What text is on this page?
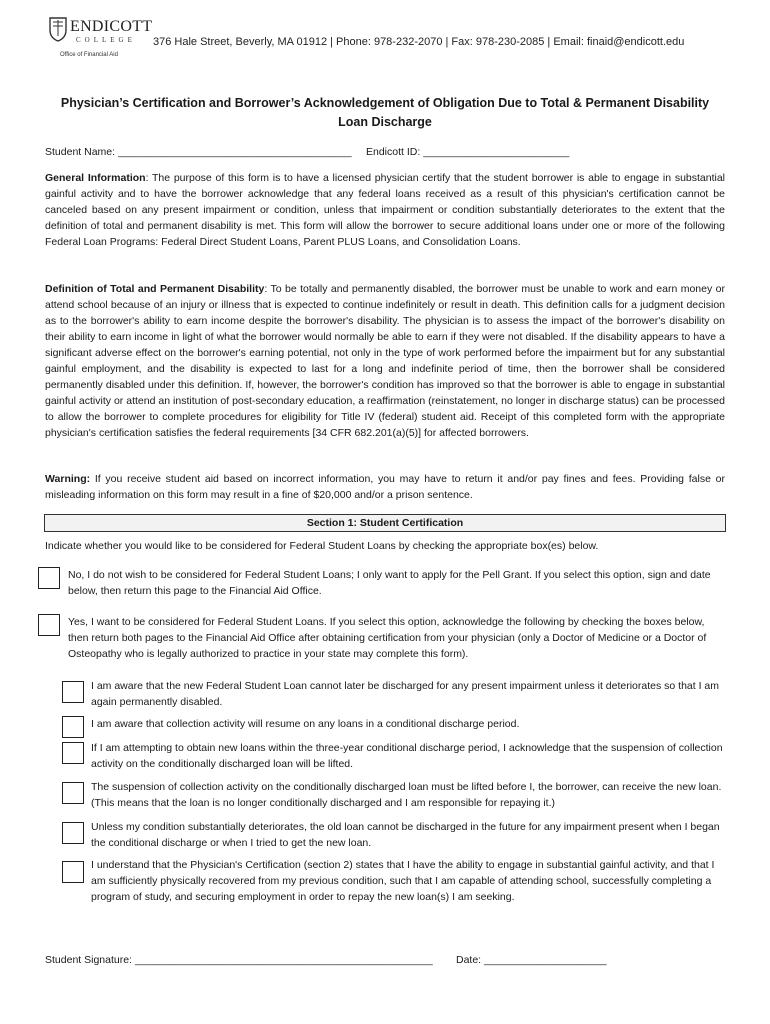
ENDICOTT
COLLEGE
Office of Financial Aid
376 Hale Street, Beverly, MA 01912 | Phone: 978-232-2070 | Fax: 978-230-2085 | Email: finaid@endicott.edu
Physician’s Certification and Borrower’s Acknowledgement of Obligation Due to Total & Permanent Disability Loan Discharge
Student Name: ________________________________________ Endicott ID: _________________________
General Information: The purpose of this form is to have a licensed physician certify that the student borrower is able to engage in substantial gainful activity and to have the borrower acknowledge that any federal loans received as a result of this physician's certification cannot be canceled based on any present impairment or condition, unless that impairment or condition substantially deteriorates to the extent that the definition of total and permanent disability is met. This form will allow the borrower to secure additional loans under one or more of the following Federal Loan Programs: Federal Direct Student Loans, Parent PLUS Loans, and Consolidation Loans.
Definition of Total and Permanent Disability: To be totally and permanently disabled, the borrower must be unable to work and earn money or attend school because of an injury or illness that is expected to continue indefinitely or result in death. This definition calls for a judgment decision as to the borrower's ability to earn income despite the borrower's disability. The physician is to assess the impact of the borrower's disability on their ability to earn income in light of what the borrower would normally be able to earn if they were not disabled. If the disability appears to have a significant adverse effect on the borrower's earning potential, not only in the type of work performed before the impairment but for any substantial gainful employment, and the disability is expected to last for a long and indefinite period of time, then the borrower shall be considered permanently disabled under this definition. If, however, the borrower's condition has improved so that the borrower is able to engage in substantial gainful activity or attend an institution of post-secondary education, a reaffirmation (reinstatement, no longer in discharge status) can be processed to allow the borrower to complete procedures for eligibility for Title IV (federal) student aid. Receipt of this completed form with the appropriate physician's certification satisfies the federal requirements [34 CFR 682.201(a)(5)] for affected borrowers.
Warning: If you receive student aid based on incorrect information, you may have to return it and/or pay fines and fees. Providing false or misleading information on this form may result in a fine of $20,000 and/or a prison sentence.
Section 1: Student Certification
Indicate whether you would like to be considered for Federal Student Loans by checking the appropriate box(es) below.
No, I do not wish to be considered for Federal Student Loans; I only want to apply for the Pell Grant. If you select this option, sign and date below, then return this page to the Financial Aid Office.
Yes, I want to be considered for Federal Student Loans. If you select this option, acknowledge the following by checking the boxes below, then return both pages to the Financial Aid Office after obtaining certification from your physician (only a Doctor of Medicine or a Doctor of Osteopathy who is legally authorized to practice in your state may complete this form).
I am aware that the new Federal Student Loan cannot later be discharged for any present impairment unless it deteriorates so that I am again permanently disabled.
I am aware that collection activity will resume on any loans in a conditional discharge period.
If I am attempting to obtain new loans within the three-year conditional discharge period, I acknowledge that the suspension of collection activity on the conditionally discharged loan will be lifted.
The suspension of collection activity on the conditionally discharged loan must be lifted before I, the borrower, can receive the new loan. (This means that the loan is no longer conditionally discharged and I am responsible for repaying it.)
Unless my condition substantially deteriorates, the old loan cannot be discharged in the future for any impairment present when I began the conditional discharge or when I tried to get the new loan.
I understand that the Physician's Certification (section 2) states that I have the ability to engage in substantial gainful activity, and that I am sufficiently physically recovered from my previous condition, such that I am capable of attending school, successfully completing a program of study, and securing employment in order to repay the new loan(s) I am seeking.
Student Signature: ___________________________________________________ Date: _____________________
